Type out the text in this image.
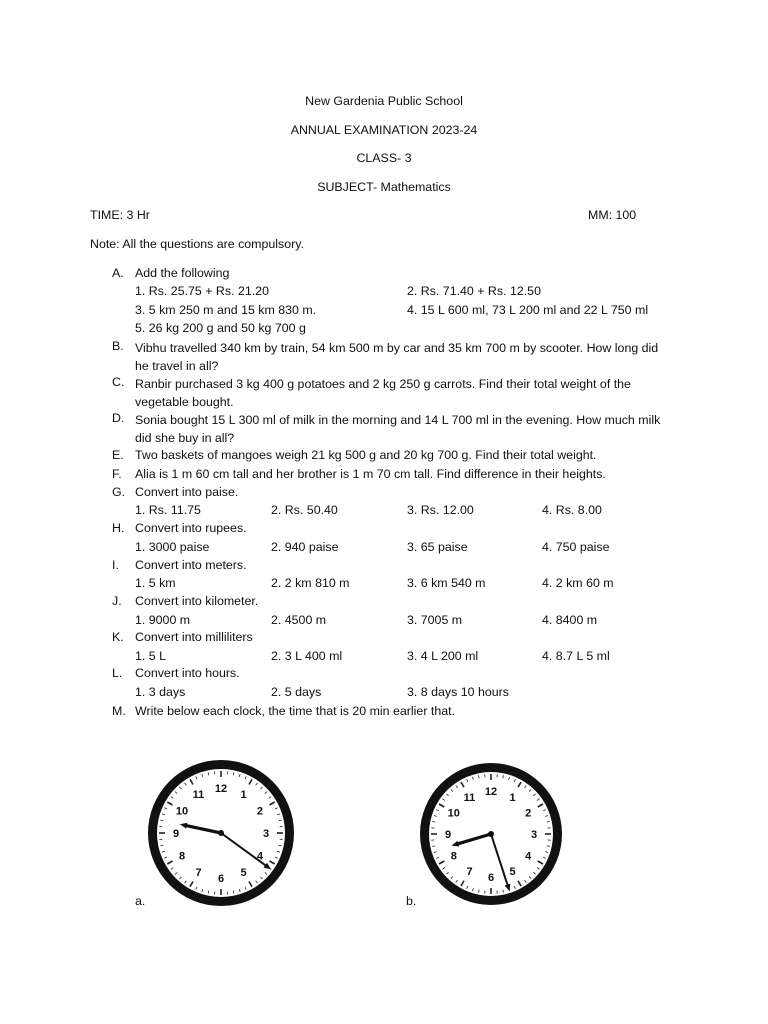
New Gardenia Public School
ANNUAL EXAMINATION 2023-24
CLASS- 3
SUBJECT- Mathematics
TIME: 3 Hr	MM: 100
Note: All the questions are compulsory.
A. Add the following
1. Rs. 25.75 + Rs. 21.20	2. Rs. 71.40 + Rs. 12.50
3. 5 km 250 m and 15 km 830 m.	4. 15 L 600 ml, 73 L 200 ml and 22 L 750 ml
5. 26 kg 200 g and 50 kg 700 g
B. Vibhu travelled 340 km by train, 54 km 500 m by car and 35 km 700 m by scooter. How long did he travel in all?
C. Ranbir purchased 3 kg 400 g potatoes and 2 kg 250 g carrots. Find their total weight of the vegetable bought.
D. Sonia bought 15 L 300 ml of milk in the morning and 14 L 700 ml in the evening. How much milk did she buy in all?
E. Two baskets of mangoes weigh 21 kg 500 g and 20 kg 700 g. Find their total weight.
F.	Alia is 1 m 60 cm tall and her brother is 1 m 70 cm tall. Find difference in their heights.
G. Convert into paise.
1. Rs. 11.75	2. Rs. 50.40	3. Rs. 12.00	4. Rs. 8.00
H. Convert into rupees.
1. 3000 paise	2. 940 paise	3. 65 paise	4. 750 paise
I.	Convert into meters.
1. 5 km	2. 2 km 810 m	3. 6 km 540 m	4. 2 km 60 m
J.	Convert into kilometer.
1. 9000 m	2. 4500 m	3. 7005 m	4. 8400 m
K. Convert into milliliters
1. 5 L	2. 3 L 400 ml	3. 4 L 200 ml	4. 8.7 L 5 ml
L. Convert into hours.
1. 3 days	2. 5 days	3. 8 days 10 hours
M. Write below each clock, the time that is 20 min earlier that.
12
1
2
3
4
5
6
7
8
9
10
11	12 1
2
3
4
5
6
7
8
9
10
11
a.	b.
